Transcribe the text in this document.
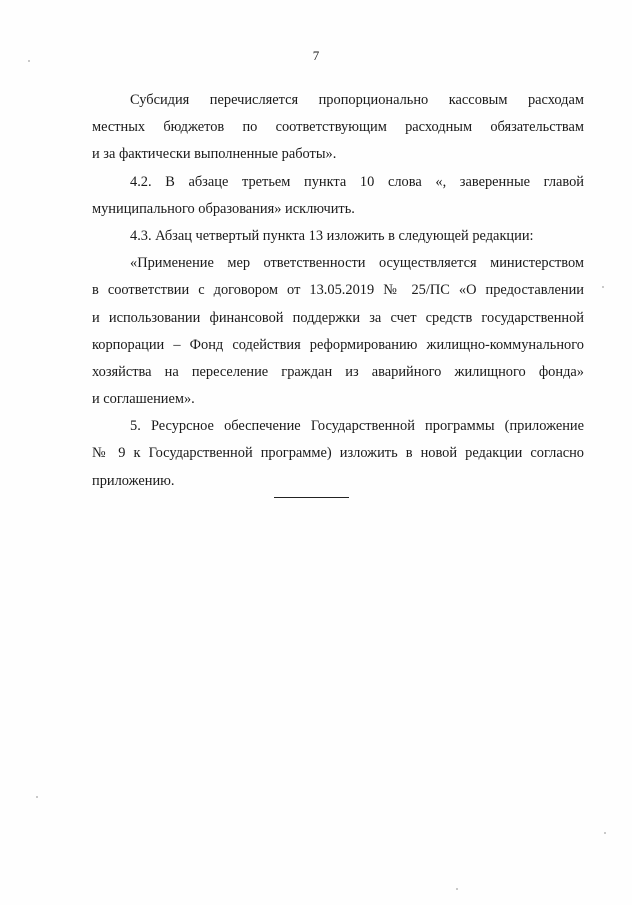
7
Субсидия перечисляется пропорционально кассовым расходам
местных бюджетов по соответствующим расходным обязательствам
и за фактически выполненные работы».
4.2. В абзаце третьем пункта 10 слова «, заверенные главой
муниципального образования» исключить.
4.3. Абзац четвертый пункта 13 изложить в следующей редакции:
«Применение мер ответственности осуществляется министерством
в соответствии с договором от 13.05.2019 № 25/ПС «О предоставлении
и использовании финансовой поддержки за счет средств государственной
корпорации – Фонд содействия реформированию жилищно-коммунального
хозяйства на переселение граждан из аварийного жилищного фонда»
и соглашением».
5. Ресурсное обеспечение Государственной программы (приложение
№ 9 к Государственной программе) изложить в новой редакции согласно
приложению.
